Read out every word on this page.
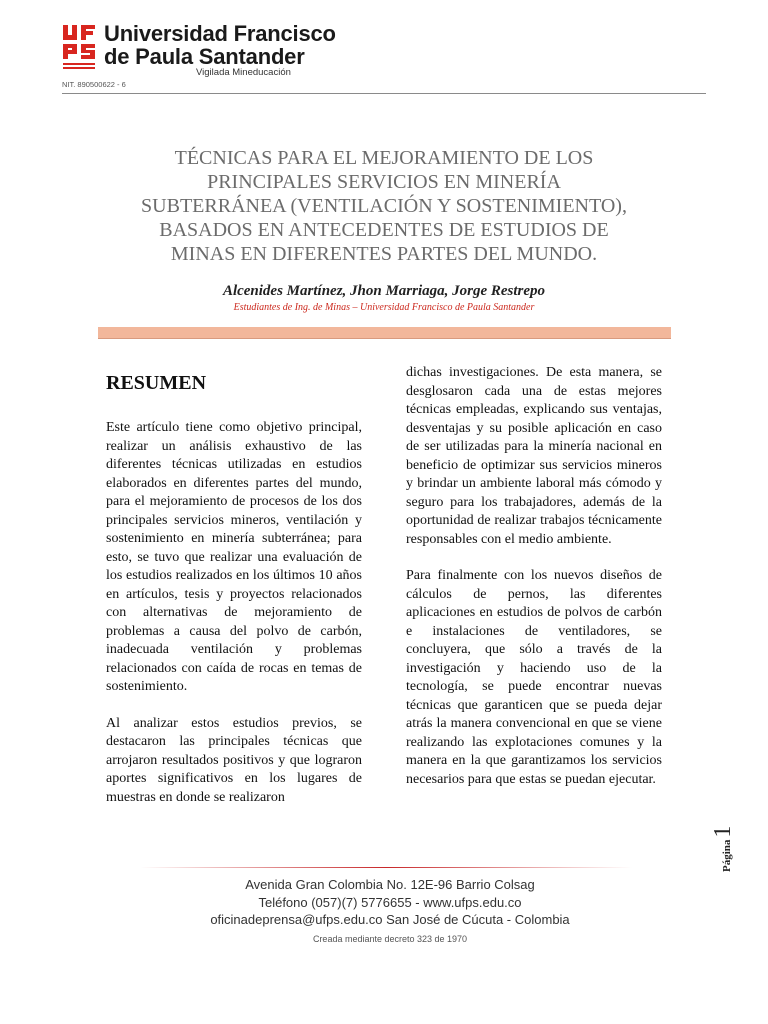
Universidad Francisco
de Paula Santander
Vigilada Mineducación
NIT. 890500622 - 6
TÉCNICAS PARA EL MEJORAMIENTO DE LOS
PRINCIPALES SERVICIOS EN MINERÍA
SUBTERRÁNEA (VENTILACIÓN Y SOSTENIMIENTO),
BASADOS EN ANTECEDENTES DE ESTUDIOS DE
MINAS EN DIFERENTES PARTES DEL MUNDO.
Alcenides Martínez, Jhon Marriaga, Jorge Restrepo
Estudiantes de Ing. de Minas – Universidad Francisco de Paula Santander
RESUMEN

Este artículo tiene como objetivo principal, realizar un análisis exhaustivo de las diferentes técnicas utilizadas en estudios elaborados en diferentes partes del mundo, para el mejoramiento de procesos de los dos principales servicios mineros, ventilación y sostenimiento en minería subterránea; para esto, se tuvo que realizar una evaluación de los estudios realizados en los últimos 10 años en artículos, tesis y proyectos relacionados con alternativas de mejoramiento de problemas a causa del polvo de carbón, inadecuada ventilación y problemas relacionados con caída de rocas en temas de sostenimiento.

Al analizar estos estudios previos, se destacaron las principales técnicas que arrojaron resultados positivos y que lograron aportes significativos en los lugares de muestras en donde se realizaron

dichas investigaciones. De esta manera, se desglosaron cada una de estas mejores técnicas empleadas, explicando sus ventajas, desventajas y su posible aplicación en caso de ser utilizadas para la minería nacional en beneficio de optimizar sus servicios mineros y brindar un ambiente laboral más cómodo y seguro para los trabajadores, además de la oportunidad de realizar trabajos técnicamente responsables con el medio ambiente.

Para finalmente con los nuevos diseños de cálculos de pernos, las diferentes aplicaciones en estudios de polvos de carbón e instalaciones de ventiladores, se concluyera, que sólo a través de la investigación y haciendo uso de la tecnología, se puede encontrar nuevas técnicas que garanticen que se pueda dejar atrás la manera convencional en que se viene realizando las explotaciones comunes y la manera en la que garantizamos los servicios necesarios para que estas se puedan ejecutar.

Página
1
Avenida Gran Colombia No. 12E-96 Barrio Colsag
Teléfono (057)(7) 5776655 - www.ufps.edu.co
oficinadeprensa@ufps.edu.co San José de Cúcuta - Colombia
Creada mediante decreto 323 de 1970
